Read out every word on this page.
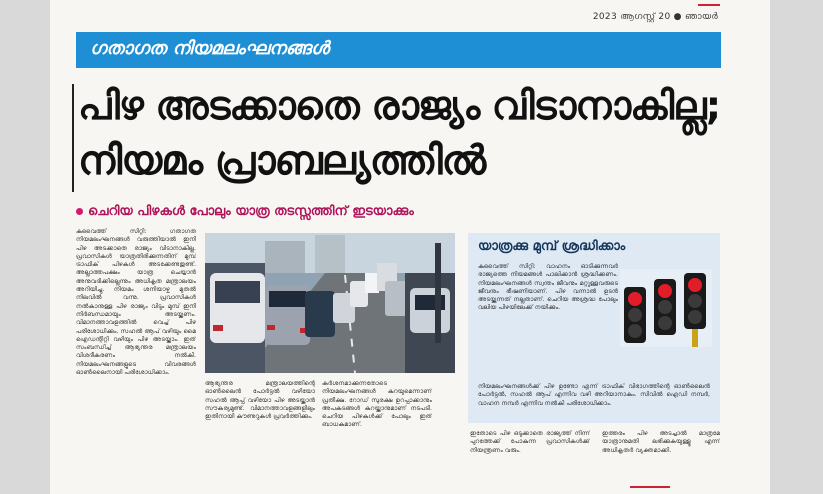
2023 ആഗസ്റ്റ് 20 ● ഞായർ
ഗതാഗത നിയമലംഘനങ്ങൾ
പിഴ അടക്കാതെ രാജ്യം വിടാനാകില്ല;
നിയമം പ്രാബല്യത്തിൽ
ചെറിയ പിഴകൾ പോലും യാത്ര തടസ്സത്തിന് ഇടയാക്കും
കുവൈത്ത് സിറ്റി: ഗതാഗത നിയമലംഘനങ്ങൾ വരുത്തിയാൽ ഇനി പിഴ അടക്കാതെ രാജ്യം വിടാനാകില്ല. പ്രവാസികൾ യാത്രതിരിക്കുന്നതിന് മുമ്പ് ട്രാഫിക് പിഴകൾ അടക്കേണ്ടതുണ്ട്. അല്ലാത്തപക്ഷം യാത്ര ചെയ്യാൻ അനുവദിക്കില്ലെന്നും അധികൃത മന്ത്രാലയം അറിയിച്ചു. നിയമം ശനിയാഴ്ച മുതൽ നിലവിൽ വന്നു. പ്രവാസികൾ നൽകാനുള്ള പിഴ രാജ്യം വിടും മുമ്പ് ഇനി നിർബന്ധമായും അടയ്ക്കണം. വിമാനത്താവളത്തിൽ വെച്ച് പിഴ പരിശോധിക്കും. സഹൽ ആപ് വഴിയും മൈ ഐഡന്റിറ്റി വഴിയും പിഴ അടയ്ക്കാം. ഇത് സംബന്ധിച്ച് ആഭ്യന്തര മന്ത്രാലയം വിശദീകരണം നൽകി. നിയമലംഘനങ്ങളുടെ വിവരങ്ങൾ ഓൺലൈനായി പരിശോധിക്കാം.
ആഭ്യന്തര മന്ത്രാലയത്തിന്റെ ഓൺലൈൻ പോർട്ടൽ വഴിയോ സഹൽ ആപ്പ് വഴിയോ പിഴ അടയ്ക്കാൻ സൗകര്യമുണ്ട്. വിമാനത്താവളങ്ങളിലും ഇതിനായി കൗണ്ടറുകൾ പ്രവർത്തിക്കും.
കർശനമാക്കുന്നതോടെ നിയമലംഘനങ്ങൾ കുറയുമെന്നാണ് പ്രതീക്ഷ. റോഡ് സുരക്ഷ ഉറപ്പാക്കാനും അപകടങ്ങൾ കുറയ്ക്കാനുമാണ് നടപടി. ചെറിയ പിഴകൾക്ക് പോലും ഇത് ബാധകമാണ്.
യാത്രക്കു മുമ്പ് ശ്രദ്ധിക്കാം
കുവൈത്ത് സിറ്റി: വാഹനം ഓടിക്കുന്നവർ രാജ്യത്തെ നിയമങ്ങൾ പാലിക്കാൻ ശ്രദ്ധിക്കണം. നിയമലംഘനങ്ങൾ സ്വന്തം ജീവനും മറ്റുള്ളവരുടെ ജീവനും ഭീഷണിയാണ്. പിഴ വന്നാൽ ഉടൻ അടയ്ക്കുന്നത് നല്ലതാണ്. ചെറിയ അശ്രദ്ധ പോലും വലിയ പിഴയിലേക്ക് നയിക്കും.
നിയമലംഘനങ്ങൾക്ക് പിഴ ഉണ്ടോ എന്ന് ട്രാഫിക് വിഭാഗത്തിന്റെ ഓൺലൈൻ പോർട്ടൽ, സഹൽ ആപ് എന്നിവ വഴി അറിയാനാകും. സിവിൽ ഐഡി നമ്പർ, വാഹന നമ്പർ എന്നിവ നൽകി പരിശോധിക്കാം.
ഇതോടെ പിഴ ഒടുക്കാതെ രാജ്യത്ത് നിന്ന് പുറത്തേക്ക് പോകുന്ന പ്രവാസികൾക്ക് നിയന്ത്രണം വരും.
ഇത്തരം പിഴ അടച്ചാൽ മാത്രമേ യാത്രാനുമതി ലഭിക്കുകയുള്ളൂ എന്ന് അധികൃതർ വ്യക്തമാക്കി.
